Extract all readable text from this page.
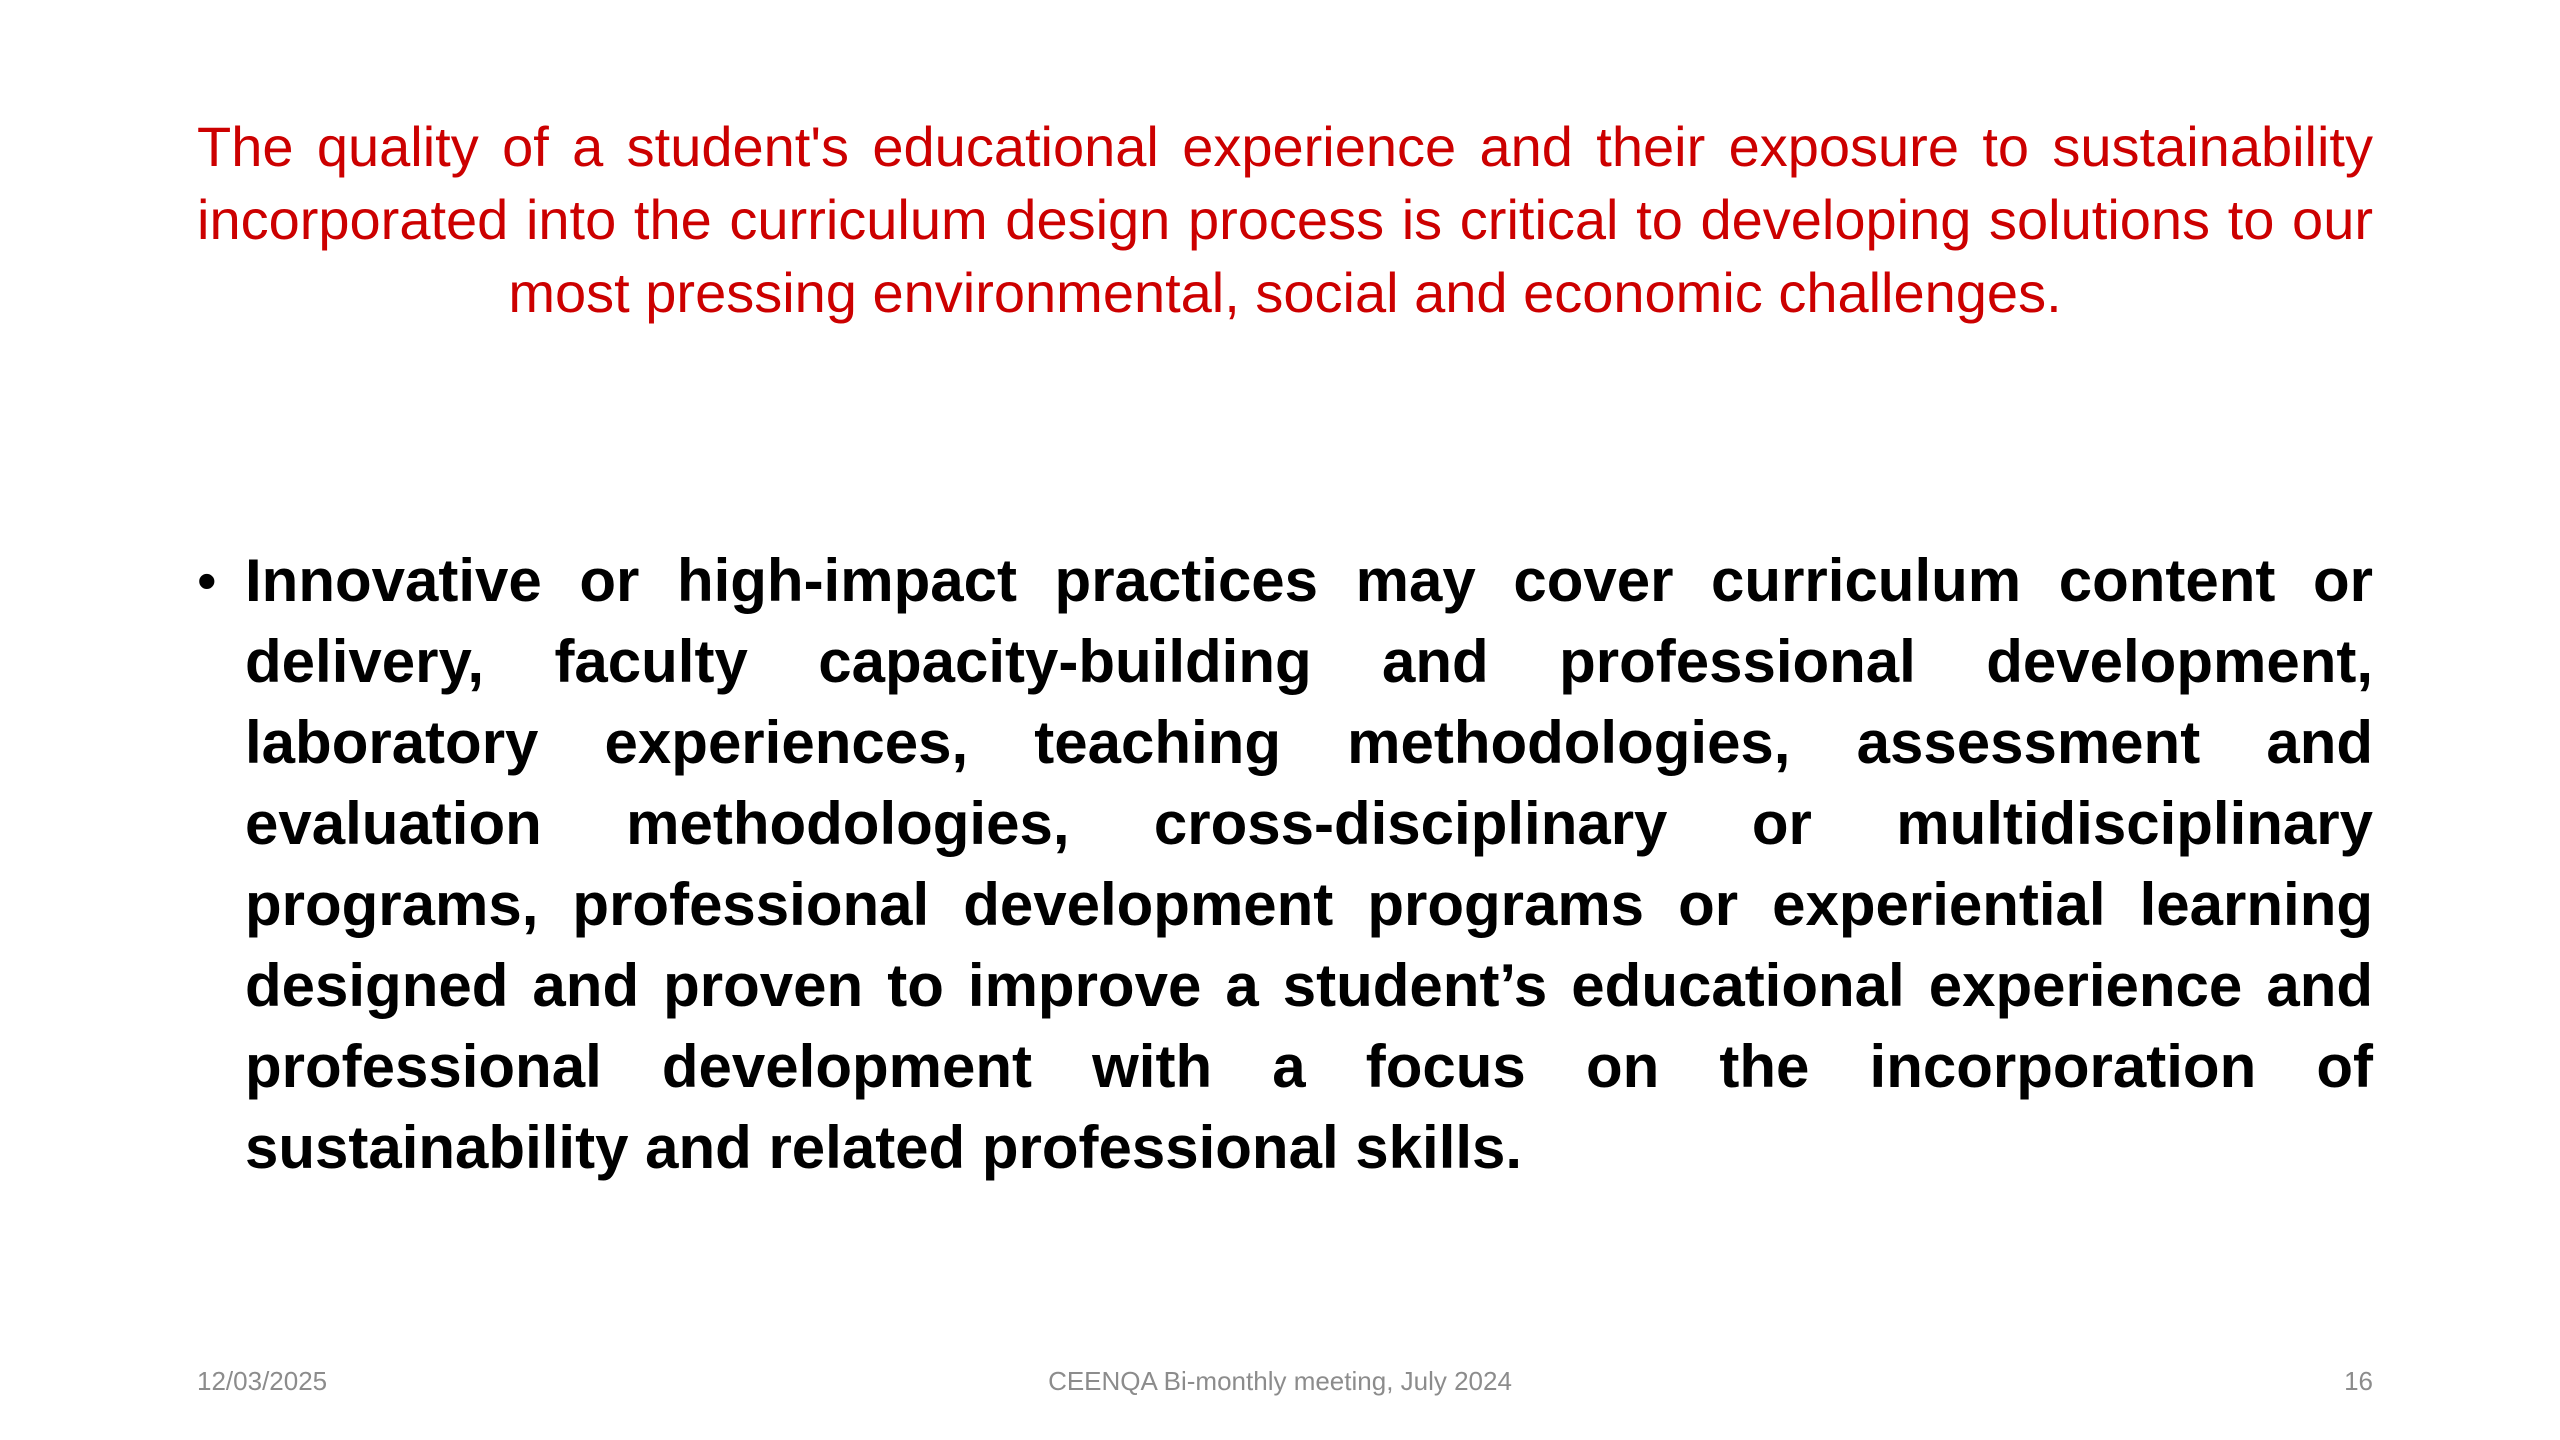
The quality of a student's educational experience and their exposure to sustainability incorporated into the curriculum design process is critical to developing solutions to our most pressing environmental, social and economic challenges.

• Innovative or high-impact practices may cover curriculum content or delivery, faculty capacity-building and professional development, laboratory experiences, teaching methodologies, assessment and evaluation methodologies, cross-disciplinary or multidisciplinary programs, professional development programs or experiential learning designed and proven to improve a student’s educational experience and professional development with a focus on the incorporation of sustainability and related professional skills.
CEENQA Bi-monthly meeting, July 2024
12/03/2025	16
